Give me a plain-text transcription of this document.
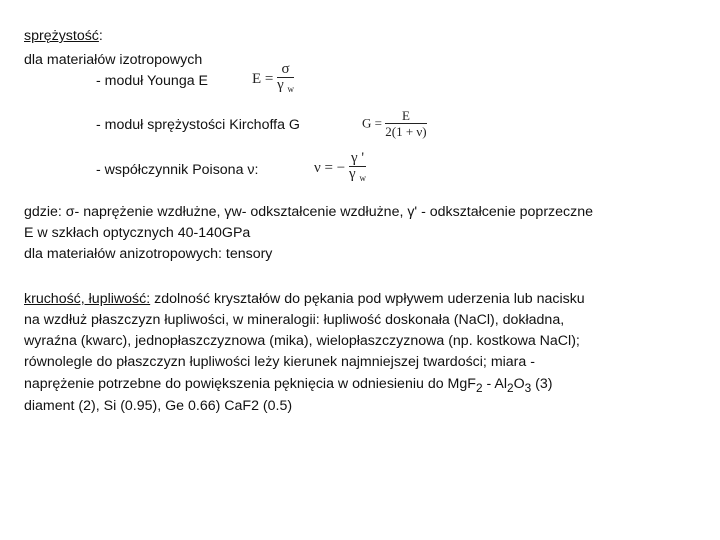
sprężystość:
dla materiałów izotropowych
- moduł Younga E
- moduł sprężystości Kirchoffa G
- współczynnik Poisona ν:
$E = \frac{\sigma}{\gamma _w}$
$G = \frac{E}{2(1 + \nu)}$
ν = − $\frac{\gamma '}{\gamma _w}$
gdzie: σ- naprężenie wzdłużne, γw- odkształcenie wzdłużne, γ' - odkształcenie poprzeczne
E w szkłach optycznych 40-140GPa
dla materiałów anizotropowych: tensory
kruchość, łupliwość: zdolność kryształów do pękania pod wpływem uderzenia lub nacisku
na wzdłuż płaszczyzn łupliwości, w mineralogii: łupliwość doskonała (NaCl), dokładna,
wyraźna (kwarc), jednopłaszczyznowa (mika), wielopłaszczyznowa (np. kostkowa NaCl);
równolegle do płaszczyzn łupliwości leży kierunek najmniejszej twardości; miara -
naprężenie potrzebne do powiększenia pęknięcia w odniesieniu do $MgF_2 - Al_2O_3$ (3)
diament (2), Si (0.95), Ge 0.66) CaF2 (0.5)
